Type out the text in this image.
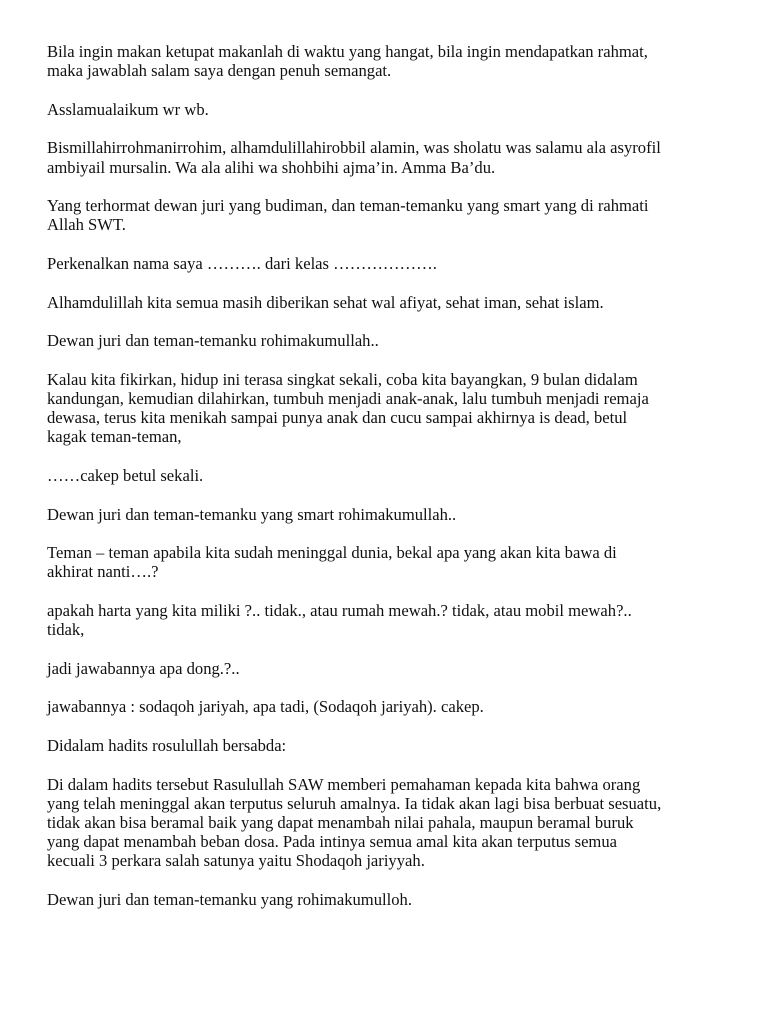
Bila ingin makan ketupat makanlah di waktu yang hangat, bila ingin mendapatkan rahmat,
maka jawablah salam saya dengan penuh semangat.

Asslamualaikum wr wb.

Bismillahirrohmanirrohim, alhamdulillahirobbil alamin, was sholatu was salamu ala asyrofil
ambiyail mursalin. Wa ala alihi wa shohbihi ajma’in. Amma Ba’du.

Yang terhormat dewan juri yang budiman, dan teman-temanku yang smart yang di rahmati
Allah SWT.

Perkenalkan nama saya ………. dari kelas ……………….

Alhamdulillah kita semua masih diberikan sehat wal afiyat, sehat iman, sehat islam.

Dewan juri dan teman-temanku rohimakumullah..

Kalau kita fikirkan, hidup ini terasa singkat sekali, coba kita bayangkan, 9 bulan didalam
kandungan, kemudian dilahirkan, tumbuh menjadi anak-anak, lalu tumbuh menjadi remaja
dewasa, terus kita menikah sampai punya anak dan cucu sampai akhirnya is dead, betul
kagak teman-teman,

……cakep betul sekali.

Dewan juri dan teman-temanku yang smart rohimakumullah..

Teman – teman apabila kita sudah meninggal dunia, bekal apa yang akan kita bawa di
akhirat nanti….?

apakah harta yang kita miliki ?.. tidak., atau rumah mewah.? tidak, atau mobil mewah?..
tidak,

jadi jawabannya apa dong.?..

jawabannya : sodaqoh jariyah, apa tadi, (Sodaqoh jariyah). cakep.

Didalam hadits rosulullah bersabda:

Di dalam hadits tersebut Rasulullah SAW memberi pemahaman kepada kita bahwa orang
yang telah meninggal akan terputus seluruh amalnya. Ia tidak akan lagi bisa berbuat sesuatu,
tidak akan bisa beramal baik yang dapat menambah nilai pahala, maupun beramal buruk
yang dapat menambah beban dosa. Pada intinya semua amal kita akan terputus semua
kecuali 3 perkara salah satunya yaitu Shodaqoh jariyyah.

Dewan juri dan teman-temanku yang rohimakumulloh.
